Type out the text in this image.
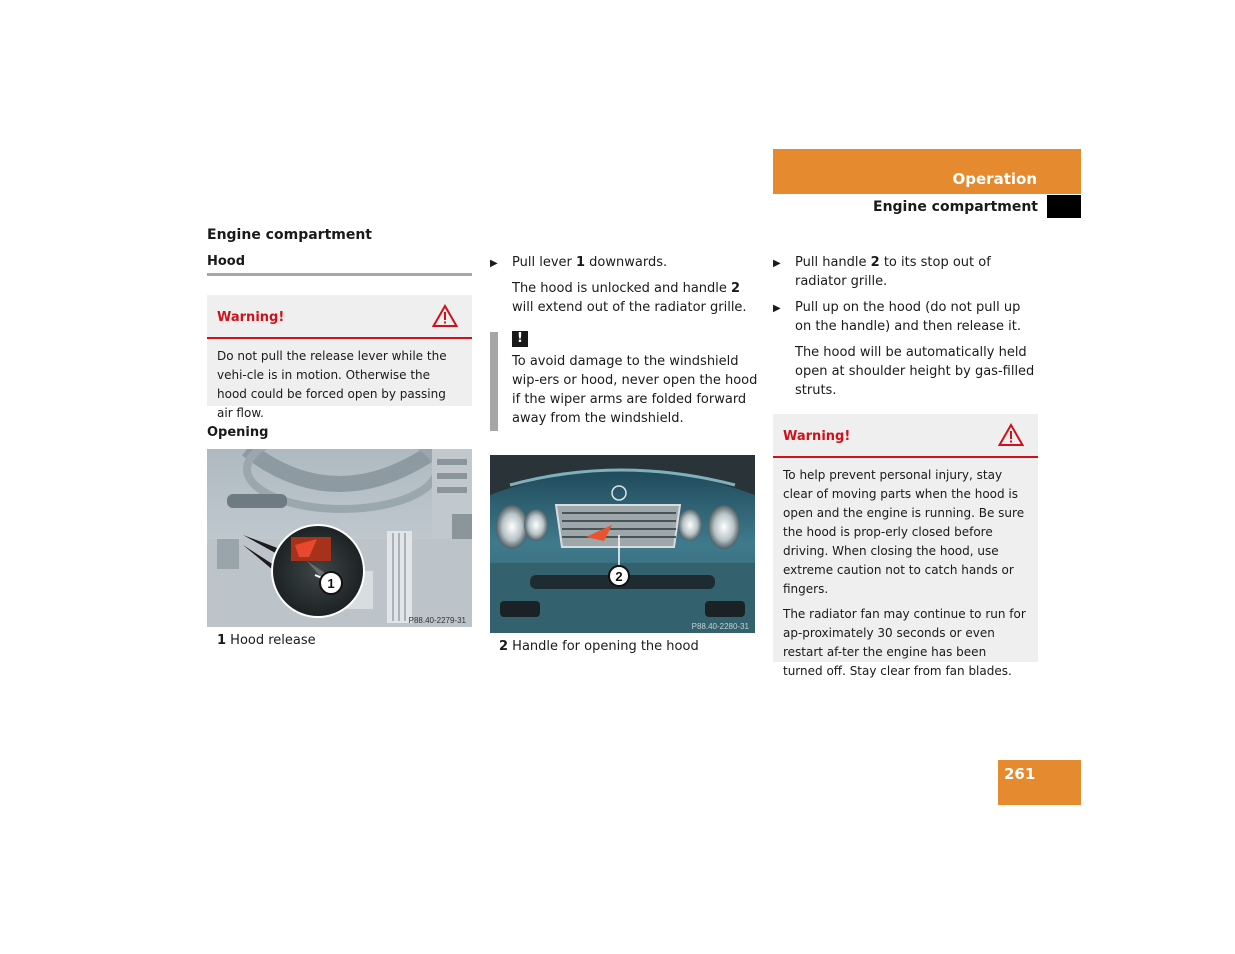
Operation
Engine compartment
Engine compartment
Hood
Warning!
Do not pull the release lever while the vehi-cle is in motion. Otherwise the hood could be forced open by passing air flow.
Opening
1
P88.40-2279-31
1 Hood release
▶ Pull lever 1 downwards.
The hood is unlocked and handle 2 will extend out of the radiator grille.
!
To avoid damage to the windshield wip-ers or hood, never open the hood if the wiper arms are folded forward away from the windshield.
2
P88.40-2280-31
2 Handle for opening the hood
▶ Pull handle 2 to its stop out of radiator grille.
▶ Pull up on the hood (do not pull up on the handle) and then release it.
The hood will be automatically held open at shoulder height by gas-filled struts.
Warning!

To help prevent personal injury, stay clear of moving parts when the hood is open and the engine is running. Be sure the hood is prop-erly closed before driving. When closing the hood, use extreme caution not to catch hands or fingers.

The radiator fan may continue to run for ap-proximately 30 seconds or even restart af-ter the engine has been turned off. Stay clear from fan blades.

261
